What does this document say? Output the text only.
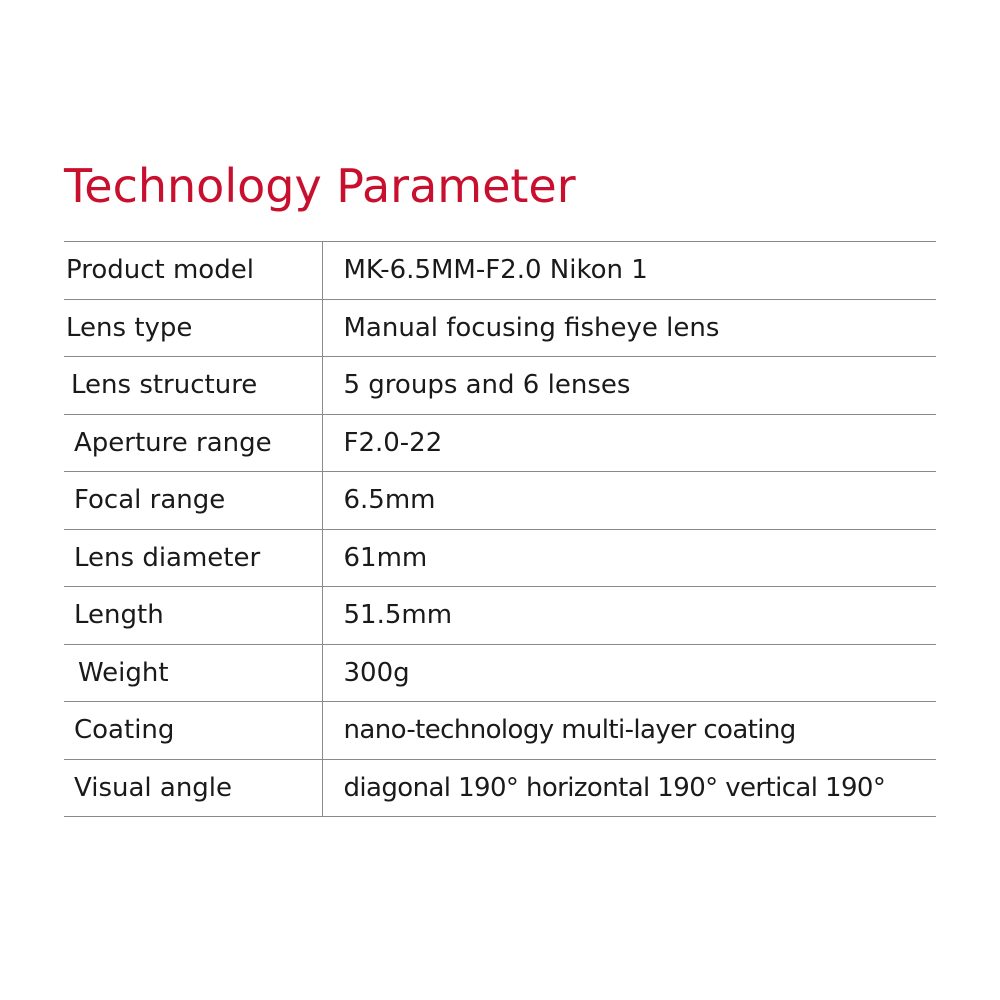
Technology Parameter
Product model	MK-6.5MM-F2.0 Nikon 1
Lens type	Manual focusing fisheye lens
Lens structure	5 groups and 6 lenses
Aperture range	F2.0-22
Focal range	6.5mm
Lens diameter	61mm
Length	51.5mm
Weight	300g
Coating	nano-technology multi-layer coating
Visual angle	diagonal 190° horizontal 190° vertical 190°
